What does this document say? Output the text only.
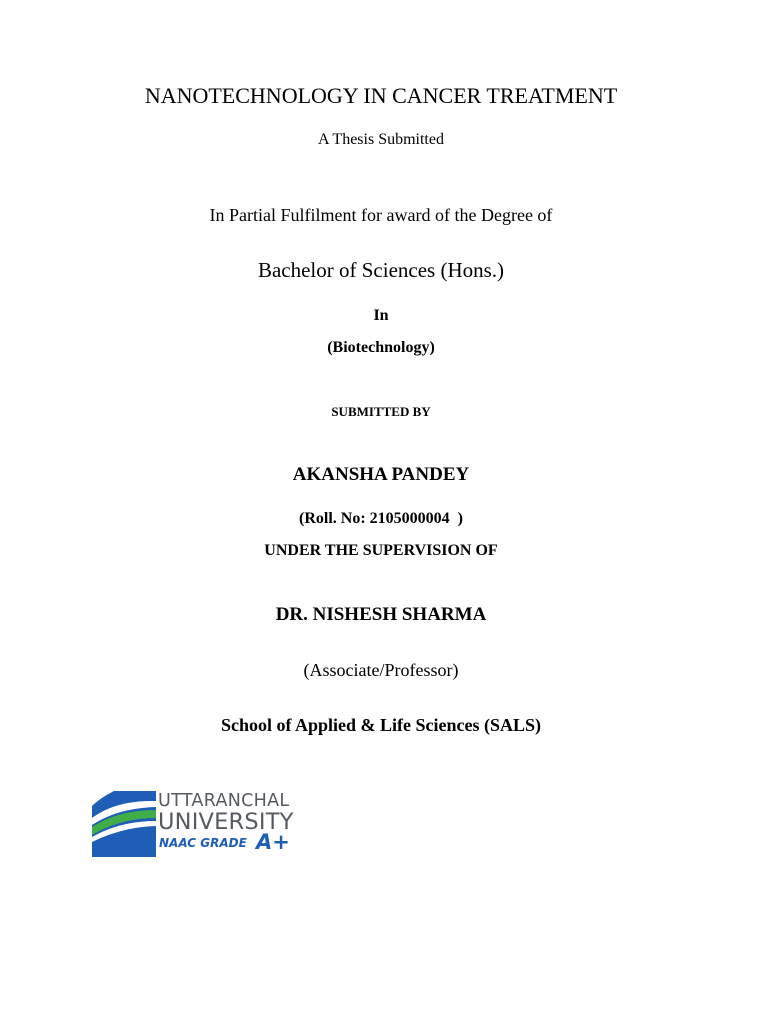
NANOTECHNOLOGY IN CANCER TREATMENT
A Thesis Submitted
In Partial Fulfilment for award of the Degree of
Bachelor of Sciences (Hons.)
In
(Biotechnology)
SUBMITTED BY
AKANSHA PANDEY
(Roll. No: 2105000004  )
UNDER THE SUPERVISION OF
DR. NISHESH SHARMA
(Associate/Professor)
School of Applied & Life Sciences (SALS)
UTTARANCHAL
UNIVERSITY
NAAC GRADE A+
